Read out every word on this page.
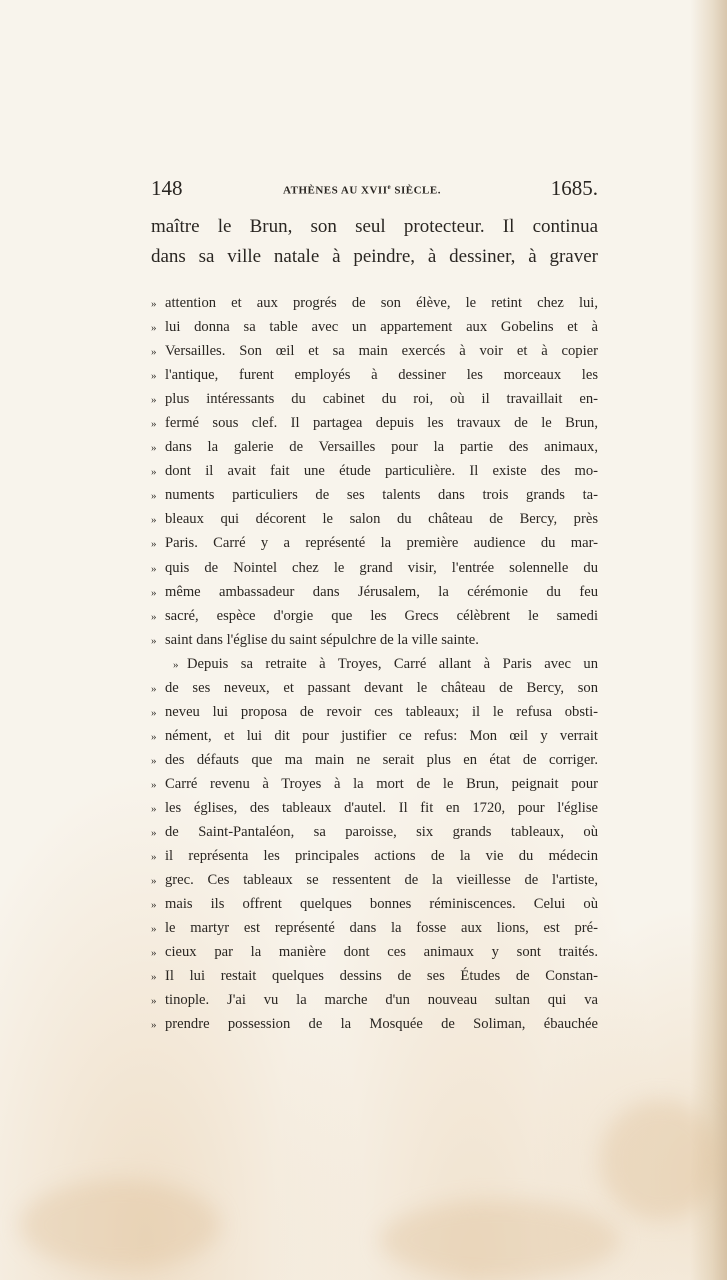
148	ATHÈNES AU XVIIe SIÈCLE.	1685.
maître le Brun, son seul protecteur. Il continua
dans sa ville natale à peindre, à dessiner, à graver
» attention et aux progrés de son élève, le retint chez lui,
» lui donna sa table avec un appartement aux Gobelins et à
» Versailles. Son œil et sa main exercés à voir et à copier
» l'antique, furent employés à dessiner les morceaux les
» plus intéressants du cabinet du roi, où il travaillait en-
» fermé sous clef. Il partagea depuis les travaux de le Brun,
» dans la galerie de Versailles pour la partie des animaux,
» dont il avait fait une étude particulière. Il existe des mo-
» numents particuliers de ses talents dans trois grands ta-
» bleaux qui décorent le salon du château de Bercy, près
» Paris. Carré y a représenté la première audience du mar-
» quis de Nointel chez le grand visir, l'entrée solennelle du
» même ambassadeur dans Jérusalem, la cérémonie du feu
» sacré, espèce d'orgie que les Grecs célèbrent le samedi
» saint dans l'église du saint sépulchre de la ville sainte.
» Depuis sa retraite à Troyes, Carré allant à Paris avec un
» de ses neveux, et passant devant le château de Bercy, son
» neveu lui proposa de revoir ces tableaux; il le refusa obsti-
» nément, et lui dit pour justifier ce refus: Mon œil y verrait
» des défauts que ma main ne serait plus en état de corriger.
» Carré revenu à Troyes à la mort de le Brun, peignait pour
» les églises, des tableaux d'autel. Il fit en 1720, pour l'église
» de Saint-Pantaléon, sa paroisse, six grands tableaux, où
» il représenta les principales actions de la vie du médecin
» grec. Ces tableaux se ressentent de la vieillesse de l'artiste,
» mais ils offrent quelques bonnes réminiscences. Celui où
» le martyr est représenté dans la fosse aux lions, est pré-
» cieux par la manière dont ces animaux y sont traités.
» Il lui restait quelques dessins de ses Études de Constan-
» tinople. J'ai vu la marche d'un nouveau sultan qui va
» prendre possession de la Mosquée de Soliman, ébauchée
